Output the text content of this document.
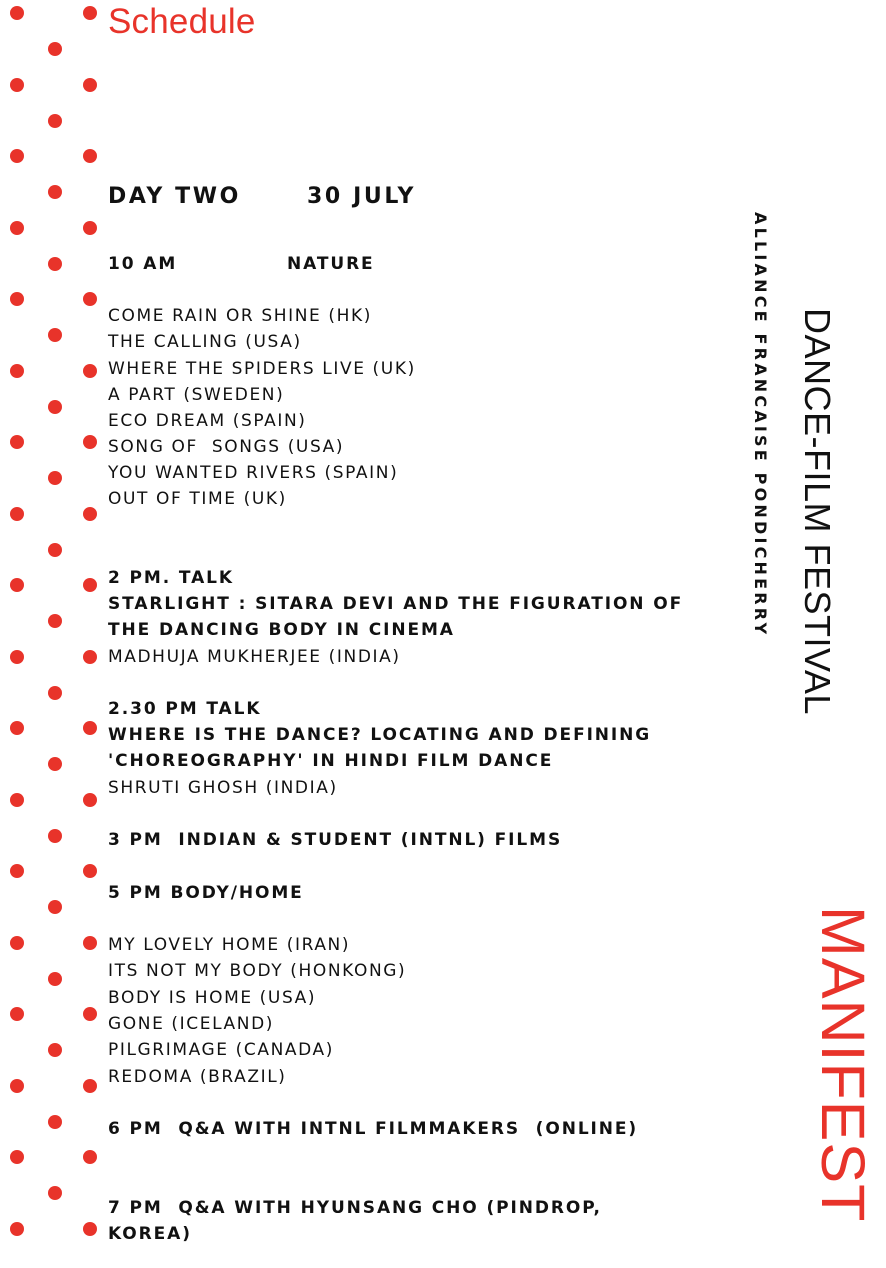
Schedule
DAY TWO	30 JULY
10 AM	NATURE
COME RAIN OR SHINE (HK)
THE CALLING (USA)
WHERE THE SPIDERS LIVE (UK)
A PART (SWEDEN)
ECO DREAM (SPAIN)
SONG OF  SONGS (USA)
YOU WANTED RIVERS (SPAIN)
OUT OF TIME (UK)
2 PM. TALK
STARLIGHT : SITARA DEVI AND THE FIGURATION OF
THE DANCING BODY IN CINEMA
MADHUJA MUKHERJEE (INDIA)
2.30 PM TALK
WHERE IS THE DANCE? LOCATING AND DEFINING
'CHOREOGRAPHY' IN HINDI FILM DANCE
SHRUTI GHOSH (INDIA)
3 PM  INDIAN & STUDENT (INTNL) FILMS
5 PM BODY/HOME
MY LOVELY HOME (IRAN)
ITS NOT MY BODY (HONKONG)
BODY IS HOME (USA)
GONE (ICELAND)
PILGRIMAGE (CANADA)
REDOMA (BRAZIL)
6 PM  Q&A WITH INTNL FILMMAKERS  (ONLINE)
7 PM  Q&A WITH HYUNSANG CHO (PINDROP,
KOREA)
ALLIANCE FRANCAISE PONDICHERRY DANCE-FILM FESTIVAL
MANIFEST
